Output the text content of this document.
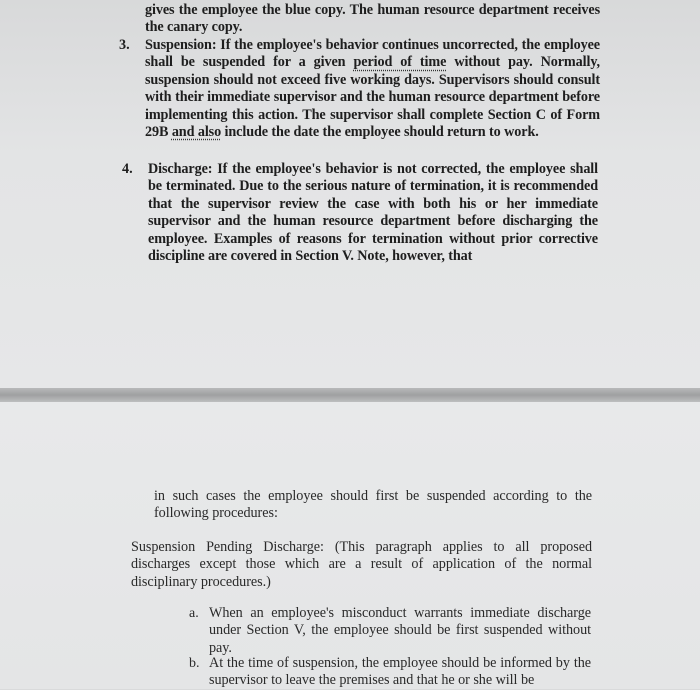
gives the employee the blue copy. The human resource department receives the canary copy.
3. Suspension: If the employee's behavior continues uncorrected, the employee shall be suspended for a given period of time without pay. Normally, suspension should not exceed five working days. Supervisors should consult with their immediate supervisor and the human resource department before implementing this action. The supervisor shall complete Section C of Form 29B and also include the date the employee should return to work.
4. Discharge: If the employee's behavior is not corrected, the employee shall be terminated. Due to the serious nature of termination, it is recommended that the supervisor review the case with both his or her immediate supervisor and the human resource department before discharging the employee. Examples of reasons for termination without prior corrective discipline are covered in Section V. Note, however, that
in such cases the employee should first be suspended according to the following procedures:
Suspension Pending Discharge: (This paragraph applies to all proposed discharges except those which are a result of application of the normal disciplinary procedures.)
a. When an employee's misconduct warrants immediate discharge under Section V, the employee should be first suspended without pay.
b. At the time of suspension, the employee should be informed by the supervisor to leave the premises and that he or she will be
